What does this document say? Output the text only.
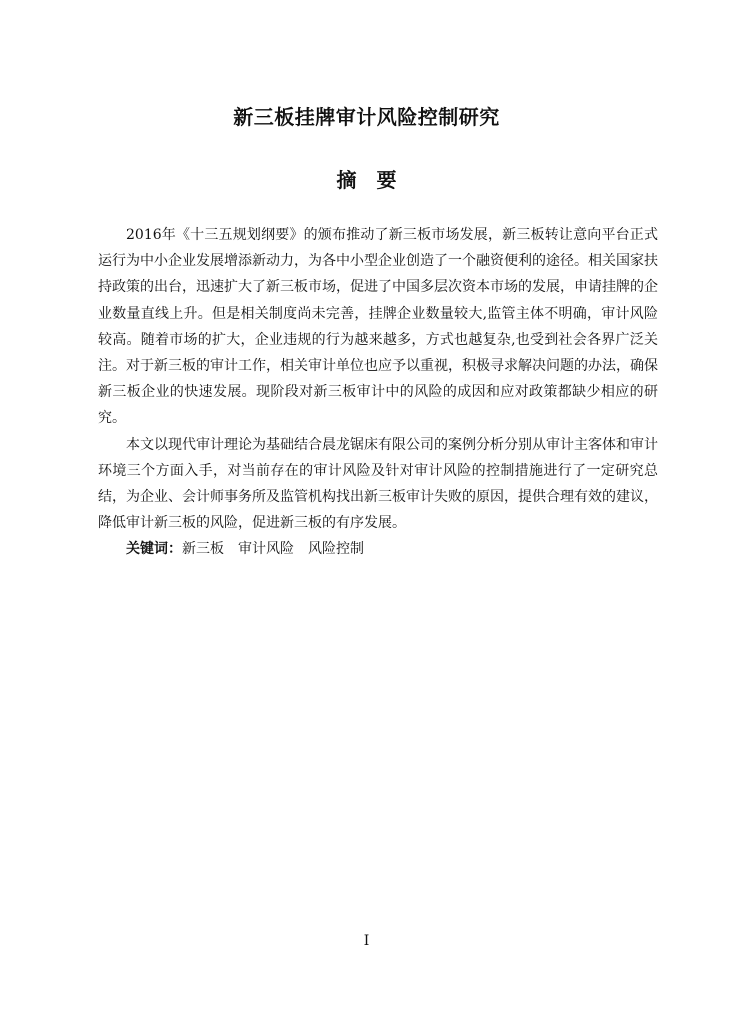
新三板挂牌审计风险控制研究
摘要

2016年《十三五规划纲要》的颁布推动了新三板市场发展，新三板转让意向平台正式运行为中小企业发展增添新动力，为各中小型企业创造了一个融资便利的途径。相关国家扶持政策的出台，迅速扩大了新三板市场，促进了中国多层次资本市场的发展，申请挂牌的企业数量直线上升。但是相关制度尚未完善，挂牌企业数量较大,监管主体不明确，审计风险较高。随着市场的扩大，企业违规的行为越来越多，方式也越复杂,也受到社会各界广泛关注。对于新三板的审计工作，相关审计单位也应予以重视，积极寻求解决问题的办法，确保新三板企业的快速发展。现阶段对新三板审计中的风险的成因和应对政策都缺少相应的研究。

本文以现代审计理论为基础结合晨龙锯床有限公司的案例分析分别从审计主客体和审计环境三个方面入手，对当前存在的审计风险及针对审计风险的控制措施进行了一定研究总结，为企业、会计师事务所及监管机构找出新三板审计失败的原因，提供合理有效的建议，降低审计新三板的风险，促进新三板的有序发展。

关键词：新三板 审计风险 风险控制

I
